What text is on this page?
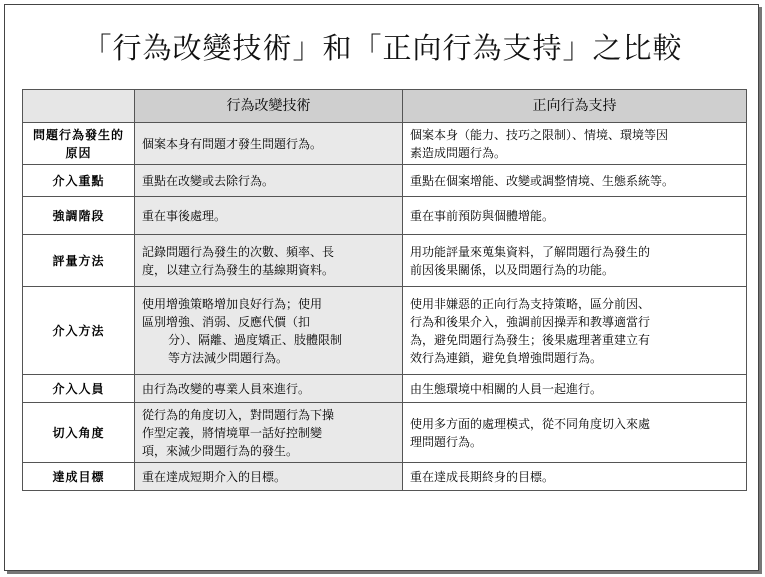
「行為改變技術」和「正向行為支持」之比較
	行為改變技術	正向行為支持
問題行為發生的原因	個案本身有問題才發生問題行為。	個案本身（能力、技巧之限制）、情境、環境等因
素造成問題行為。

介入重點	重點在改變或去除行為。	重點在個案增能、改變或調整情境、生態系統等。

強調階段	重在事後處理。	重在事前預防與個體增能。

評量方法	記錄問題行為發生的次數、頻率、長
度，以建立行為發生的基線期資料。	用功能評量來蒐集資料，了解問題行為發生的
前因後果關係，以及問題行為的功能。

介入方法	使用增強策略增加良好行為；使用
區別增強、消弱、反應代價（扣
分）、隔離、過度矯正、肢體限制
等方法減少問題行為。	使用非嫌惡的正向行為支持策略，區分前因、
行為和後果介入，強調前因操弄和教導適當行
為，避免問題行為發生；後果處理著重建立有
效行為連鎖，避免負增強問題行為。

介入人員	由行為改變的專業人員來進行。	由生態環境中相關的人員一起進行。

切入角度	從行為的角度切入，對問題行為下操
作型定義，將情境單一話好控制變
項，來減少問題行為的發生。	使用多方面的處理模式，從不同角度切入來處
理問題行為。

達成目標	重在達成短期介入的目標。	重在達成長期終身的目標。
